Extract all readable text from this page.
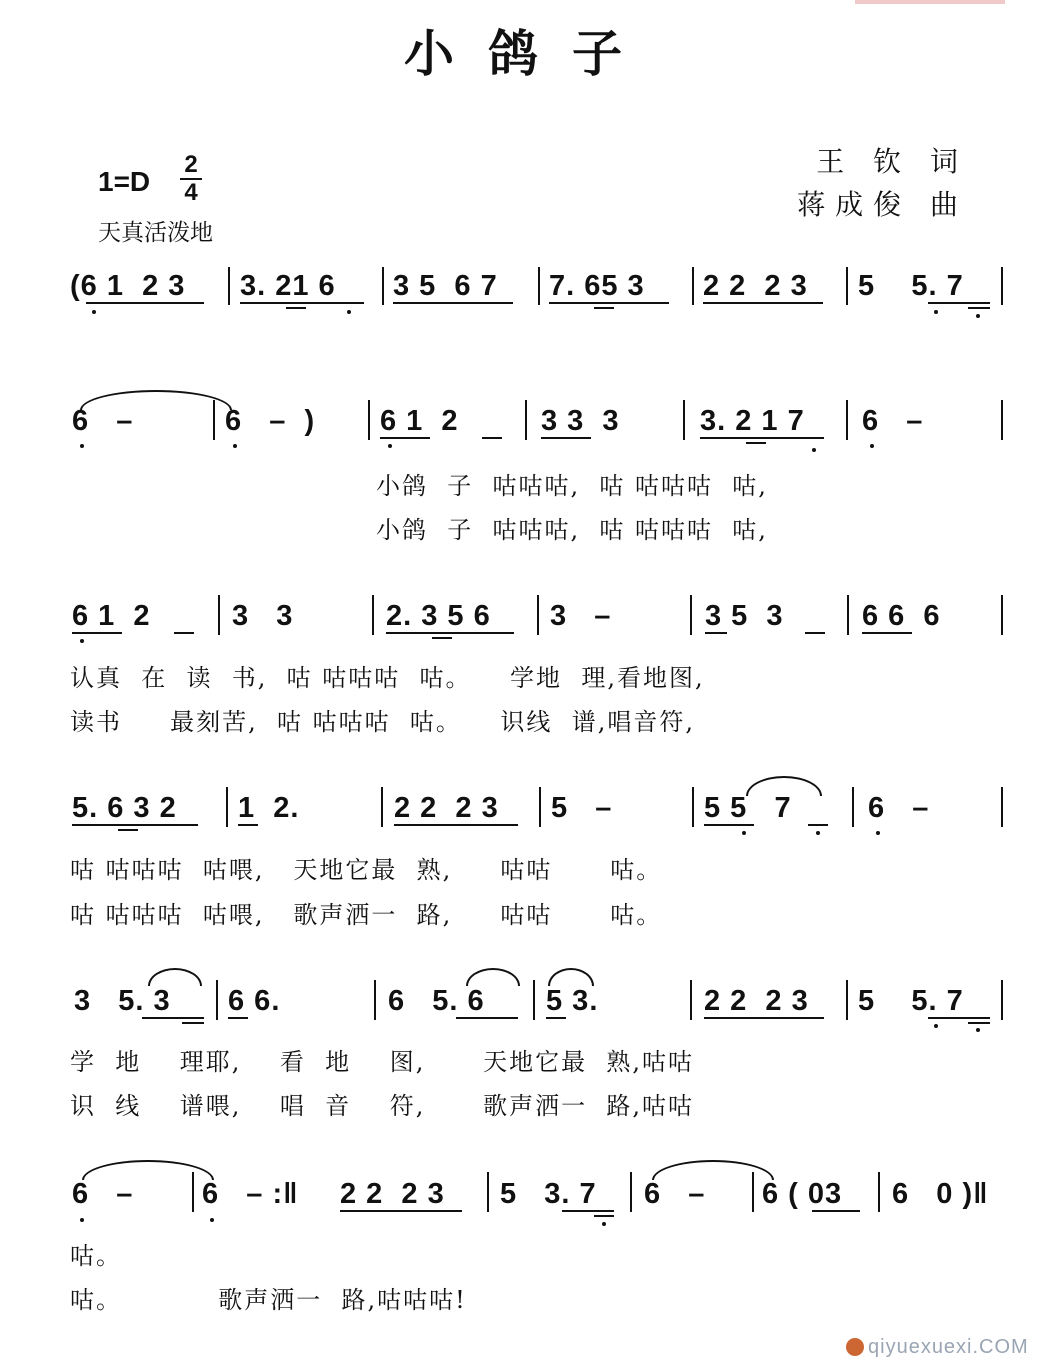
小鸽子
1=D
2
4
天真活泼地
王 钦 词
蒋成俊 曲
(6 1  2 3 3. 21 6 3 5  6 7 7. 65 3 2 2  2 3 5    5. 7
6   –	6   –  ) 6 1  2	3 3  3	3. 2 1 7 6   –
小鸽  子  咕咕咕,  咕 咕咕咕  咕,
小鸽  子  咕咕咕,  咕 咕咕咕  咕,
6 1  2	3   3	2. 3 5 6 3   –	3 5  3	6 6  6
认真  在  读  书,  咕 咕咕咕  咕。    学地  理,看地图,
读书     最刻苦,  咕 咕咕咕  咕。    识线  谱,唱音符,
5. 6 3 2 1  2.	2 2  2 3 5   –	5 5   7	6   –
咕 咕咕咕  咕喂,   天地它最  熟,     咕咕      咕。
咕 咕咕咕  咕喂,   歌声洒一  路,     咕咕      咕。
3   5. 3 6 6.	6   5. 6 5 3.	2 2  2 3 5    5. 7
学  地    理耶,    看  地    图,      天地它最  熟,咕咕
识  线    谱喂,    唱  音    符,      歌声洒一  路,咕咕
6   – 6   – :‖ 2 2  2 3 5   3. 7 6   – 6 ( 03 6   0 )‖
咕。
咕。          歌声洒一  路,咕咕咕!
qiyuexuexi.COM
